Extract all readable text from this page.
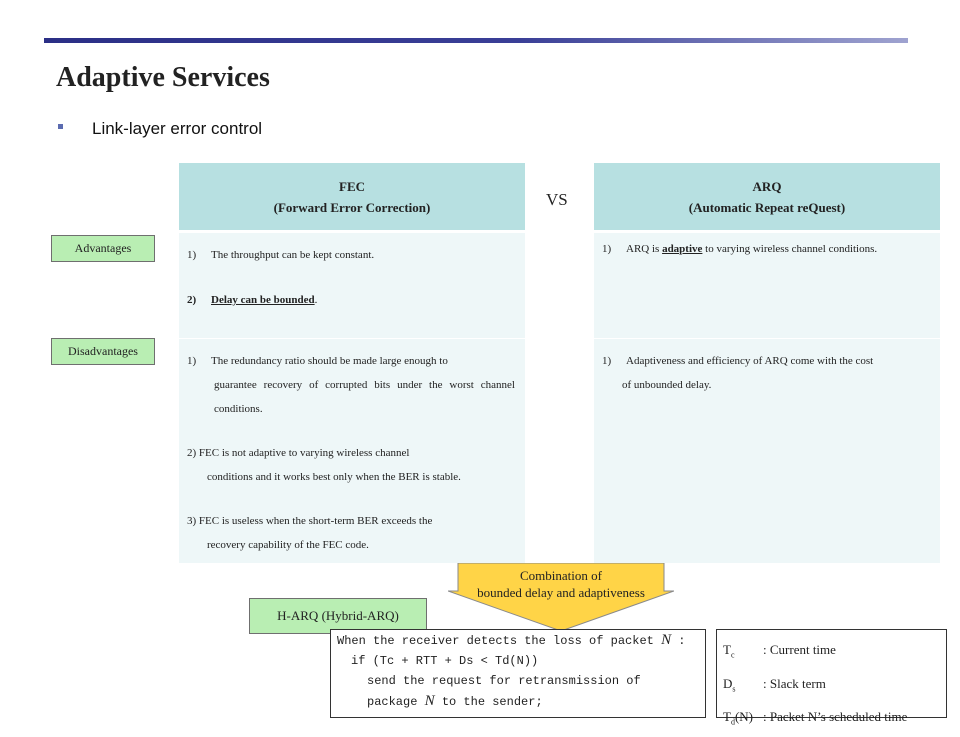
Adaptive Services
Link-layer error control
FEC
(Forward Error Correction)
1) The throughput can be kept constant.
2) Delay can be bounded.
1) The redundancy ratio should be made large enough to
guarantee recovery of corrupted bits under the worst channel conditions.
2) FEC is not adaptive to varying wireless channel
conditions and it works best only when the BER is stable.
3) FEC is useless when the short-term BER exceeds the
recovery capability of the FEC code.
VS
ARQ
(Automatic Repeat reQuest)
1) ARQ is adaptive to varying wireless channel conditions.
1) Adaptiveness and efficiency of ARQ come with the cost
of unbounded delay.
Advantages
Disadvantages
Combination of
bounded delay and adaptiveness
H-ARQ (Hybrid-ARQ)
When the receiver detects the loss of packet N :
if (Tc + RTT + Ds < Td(N))
send the request for retransmission of
package N to the sender;
$T_c$	: Current time
$D_s$	: Slack term
$T_d(N)$ : Packet N’s scheduled time
